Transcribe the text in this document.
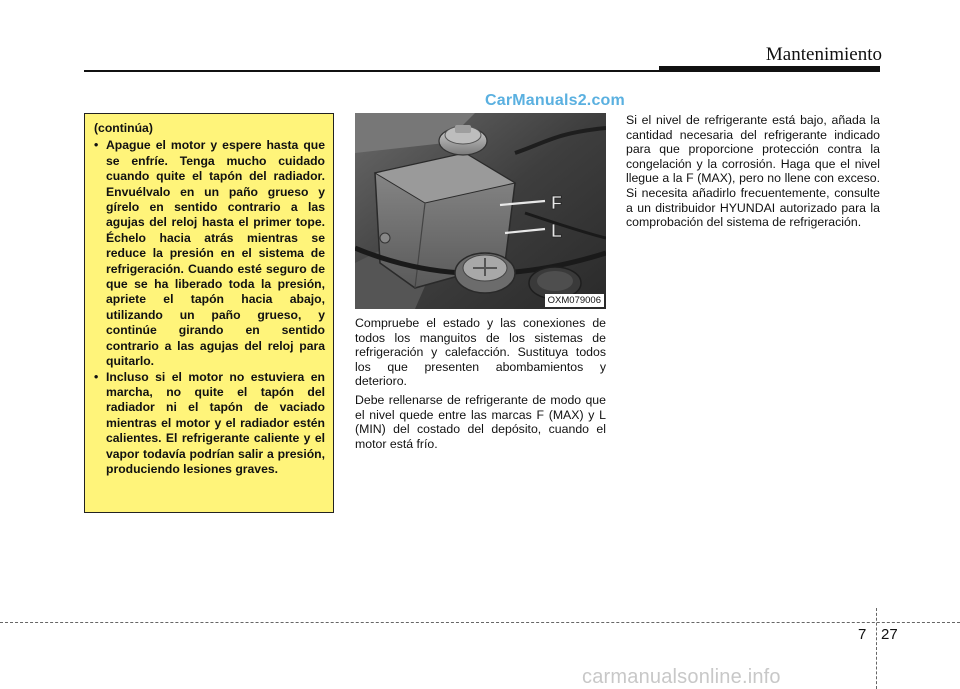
Mantenimiento
CarManuals2.com
(continúa)
• Apague el motor y espere hasta que se enfríe. Tenga mucho cuidado cuando quite el tapón del radiador. Envuélvalo en un paño grueso y gírelo en sentido contrario a las agujas del reloj hasta el primer tope. Échelo hacia atrás mientras se reduce la presión en el sistema de refrigeración. Cuando esté seguro de que se ha liberado toda la presión, apriete el tapón hacia abajo, utilizando un paño grueso, y continúe girando en sentido contrario a las agujas del reloj para quitarlo.
• Incluso si el motor no estuviera en marcha, no quite el tapón del radiador ni el tapón de vaciado mientras el motor y el radiador estén calientes. El refrigerante caliente y el vapor todavía podrían salir a presión, produciendo lesiones graves.
F
L
OXM079006

Compruebe el estado y las conexiones de todos los manguitos de los sistemas de refrigeración y calefacción. Sustituya todos los que presenten abombamientos y deterioro.

Debe rellenarse de refrigerante de modo que el nivel quede entre las marcas F (MAX) y L (MIN) del costado del depósito, cuando el motor está frío.

Si el nivel de refrigerante está bajo, añada la cantidad necesaria del refrigerante indicado para que proporcione protección contra la congelación y la corrosión. Haga que el nivel llegue a la F (MAX), pero no llene con exceso. Si necesita añadirlo frecuentemente, consulte a un distribuidor HYUNDAI autorizado para la comprobación del sistema de refrigeración.

7 27
carmanualsonline.info
